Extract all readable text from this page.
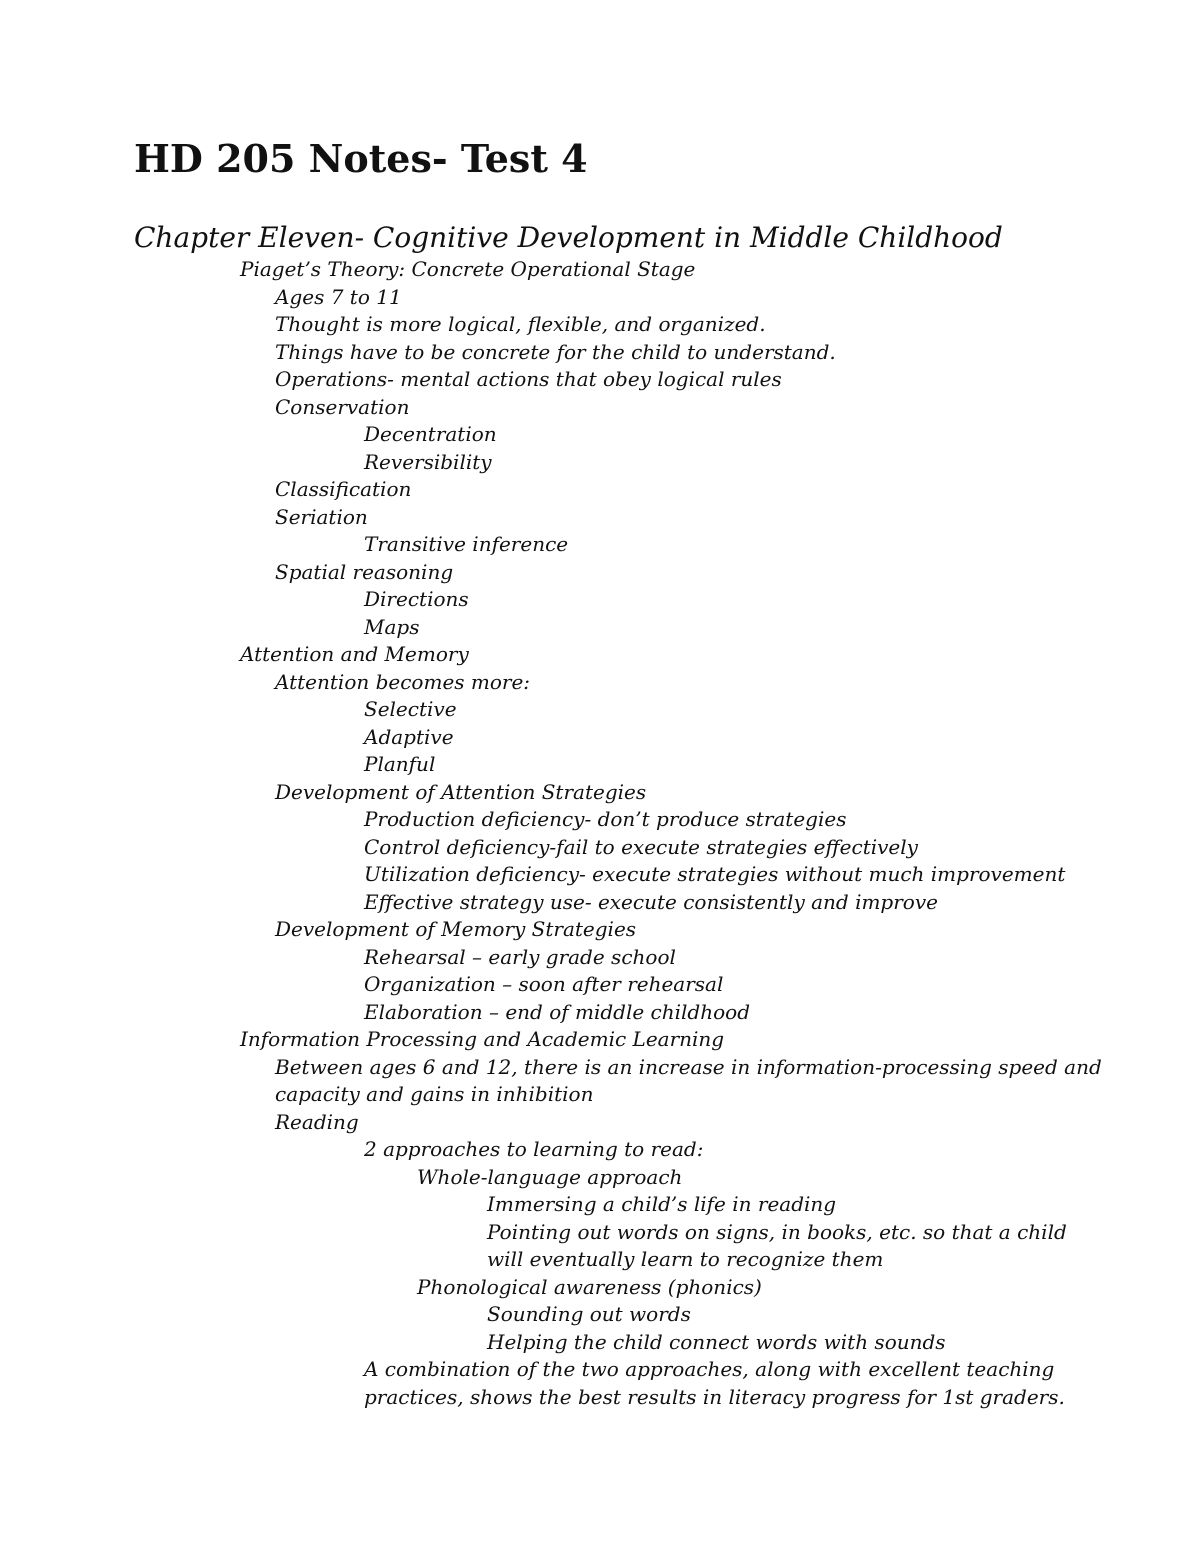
HD 205 Notes- Test 4
Chapter Eleven- Cognitive Development in Middle Childhood
Piaget’s Theory: Concrete Operational Stage
Ages 7 to 11
Thought is more logical, flexible, and organized.
Things have to be concrete for the child to understand.
Operations- mental actions that obey logical rules
Conservation
Decentration
Reversibility
Classification
Seriation
Transitive inference
Spatial reasoning
Directions
Maps
Attention and Memory
Attention becomes more:
Selective
Adaptive
Planful
Development of Attention Strategies
Production deficiency- don’t produce strategies
Control deficiency-fail to execute strategies effectively
Utilization deficiency- execute strategies without much improvement
Effective strategy use- execute consistently and improve
Development of Memory Strategies
Rehearsal – early grade school
Organization – soon after rehearsal
Elaboration – end of middle childhood
Information Processing and Academic Learning
Between ages 6 and 12, there is an increase in information-processing speed and
capacity and gains in inhibition
Reading
2 approaches to learning to read:
Whole-language approach
Immersing a child’s life in reading
Pointing out words on signs, in books, etc. so that a child
will eventually learn to recognize them
Phonological awareness (phonics)
Sounding out words
Helping the child connect words with sounds
A combination of the two approaches, along with excellent teaching
practices, shows the best results in literacy progress for 1st graders.
